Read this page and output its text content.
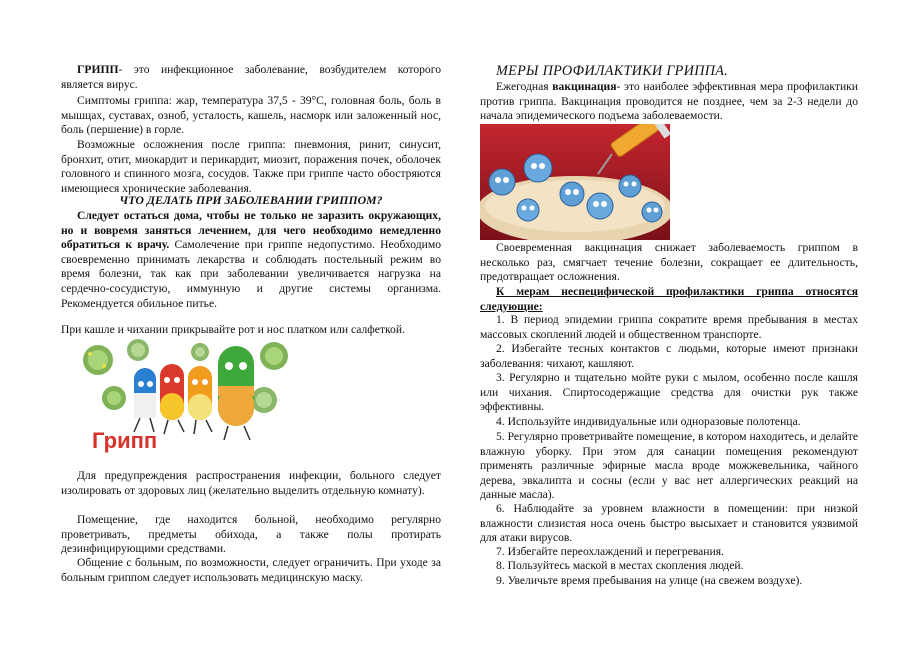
ГРИПП- это инфекционное заболевание, возбудителем которого является вирус.

Симптомы гриппа: жар, температура 37,5 - 39°С, головная боль, боль в мышцах, суставах, озноб, усталость, кашель, насморк или заложенный нос, боль (першение) в горле.

Возможные осложнения после гриппа: пневмония, ринит, синусит, бронхит, отит, миокардит и перикардит, миозит, поражения почек, оболочек головного и спинного мозга, сосудов. Также при гриппе часто обостряются имеющиеся хронические заболевания.

ЧТО ДЕЛАТЬ ПРИ ЗАБОЛЕВАНИИ ГРИППОМ?

Следует остаться дома, чтобы не только не заразить окружающих, но и вовремя заняться лечением, для чего необходимо немедленно обратиться к врачу. Самолечение при гриппе недопустимо. Необходимо своевременно принимать лекарства и соблюдать постельный режим во время болезни, так как при заболевании увеличивается нагрузка на сердечно-сосудистую, иммунную и другие системы организма. Рекомендуется обильное питье.

При кашле и чихании прикрывайте рот и нос платком или салфеткой.

Грипп

Для предупреждения распространения инфекции, больного следует изолировать от здоровых лиц (желательно выделить отдельную комнату).

Помещение, где находится больной, необходимо регулярно проветривать, предметы обихода, а также полы протирать дезинфицирующими средствами.

Общение с больным, по возможности, следует ограничить. При уходе за больным гриппом следует использовать медицинскую маску.

МЕРЫ ПРОФИЛАКТИКИ ГРИППА.

Ежегодная вакцинация- это наиболее эффективная мера профилактики против гриппа. Вакцинация проводится не позднее, чем за 2-3 недели до начала эпидемического подъема заболеваемости.

Своевременная вакцинация снижает заболеваемость гриппом в несколько раз, смягчает течение болезни, сокращает ее длительность, предотвращает осложнения.

К мерам неспецифической профилактики гриппа относятся следующие:

1. В период эпидемии гриппа сократите время пребывания в местах массовых скоплений людей и общественном транспорте.

2. Избегайте тесных контактов с людьми, которые имеют признаки заболевания: чихают, кашляют.

3. Регулярно и тщательно мойте руки с мылом, особенно после кашля или чихания. Спиртосодержащие средства для очистки рук также эффективны.

4. Используйте индивидуальные или одноразовые полотенца.

5. Регулярно проветривайте помещение, в котором находитесь, и делайте влажную уборку. При этом для санации помещения рекомендуют применять различные эфирные масла вроде можжевельника, чайного дерева, эвкалипта и сосны (если у вас нет аллергических реакций на данные масла).

6. Наблюдайте за уровнем влажности в помещении: при низкой влажности слизистая носа очень быстро высыхает и становится уязвимой для атаки вирусов.

7. Избегайте переохлаждений и перегревания.

8. Пользуйтесь маской в местах скопления людей.

9. Увеличьте время пребывания на улице (на свежем воздухе).
